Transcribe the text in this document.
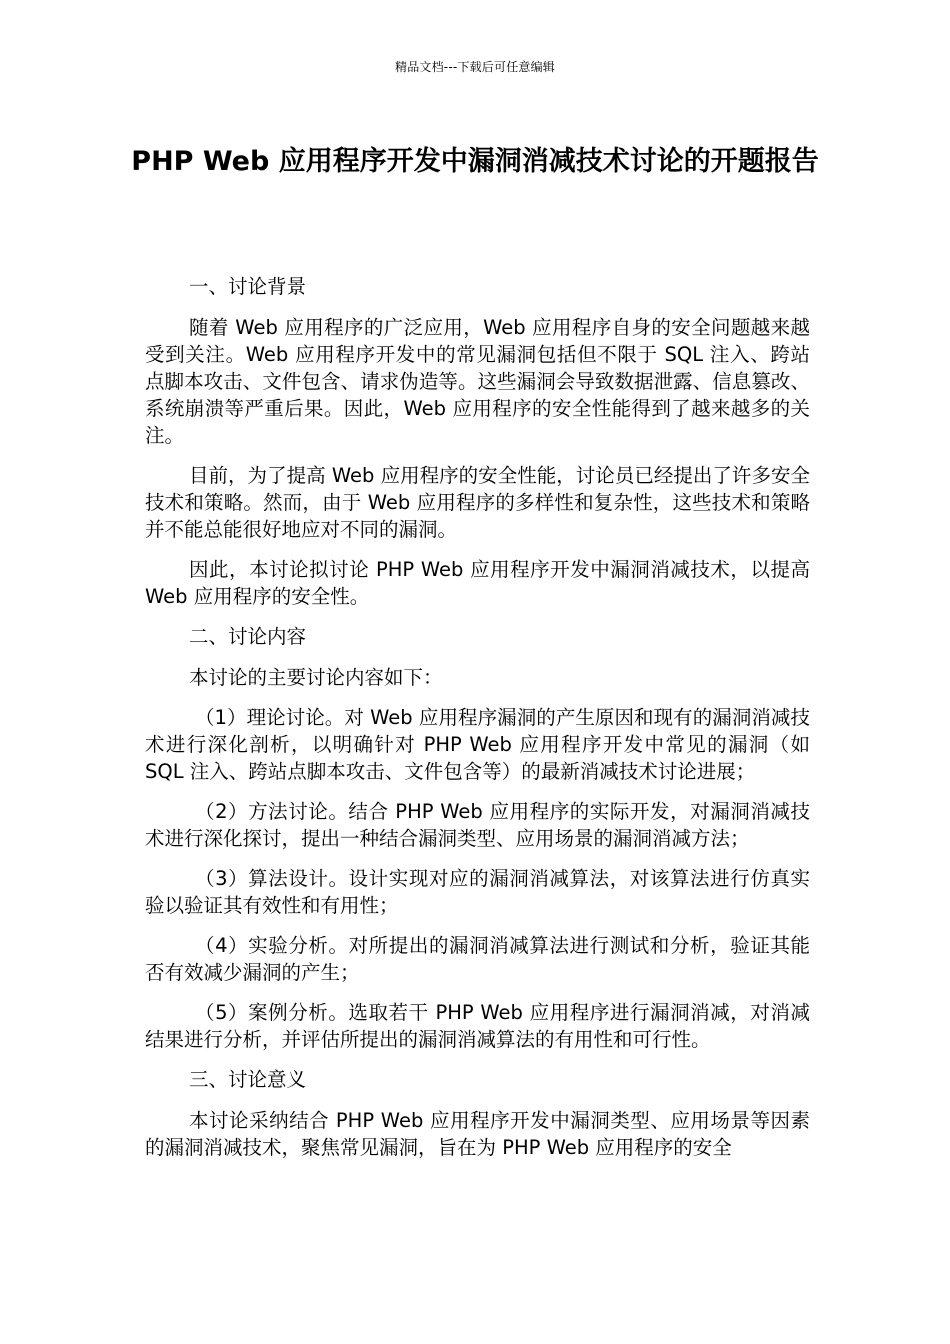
精品文档---下载后可任意编辑
PHP Web 应用程序开发中漏洞消减技术讨论的开题报告

一、讨论背景

随着 Web 应用程序的广泛应用，Web 应用程序自身的安全问题越来越受到关注。Web 应用程序开发中的常见漏洞包括但不限于 SQL 注入、跨站点脚本攻击、文件包含、请求伪造等。这些漏洞会导致数据泄露、信息篡改、系统崩溃等严重后果。因此，Web 应用程序的安全性能得到了越来越多的关注。

目前，为了提高 Web 应用程序的安全性能，讨论员已经提出了许多安全技术和策略。然而，由于 Web 应用程序的多样性和复杂性，这些技术和策略并不能总能很好地应对不同的漏洞。

因此，本讨论拟讨论 PHP Web 应用程序开发中漏洞消减技术，以提高 Web 应用程序的安全性。

二、讨论内容

本讨论的主要讨论内容如下：

（1）理论讨论。对 Web 应用程序漏洞的产生原因和现有的漏洞消减技术进行深化剖析，以明确针对 PHP Web 应用程序开发中常见的漏洞（如 SQL 注入、跨站点脚本攻击、文件包含等）的最新消减技术讨论进展；

（2）方法讨论。结合 PHP Web 应用程序的实际开发，对漏洞消减技术进行深化探讨，提出一种结合漏洞类型、应用场景的漏洞消减方法；

（3）算法设计。设计实现对应的漏洞消减算法，对该算法进行仿真实验以验证其有效性和有用性；

（4）实验分析。对所提出的漏洞消减算法进行测试和分析，验证其能否有效减少漏洞的产生；

（5）案例分析。选取若干 PHP Web 应用程序进行漏洞消减，对消减结果进行分析，并评估所提出的漏洞消减算法的有用性和可行性。

三、讨论意义

本讨论采纳结合 PHP Web 应用程序开发中漏洞类型、应用场景等因素的漏洞消减技术，聚焦常见漏洞，旨在为 PHP Web 应用程序的安全
